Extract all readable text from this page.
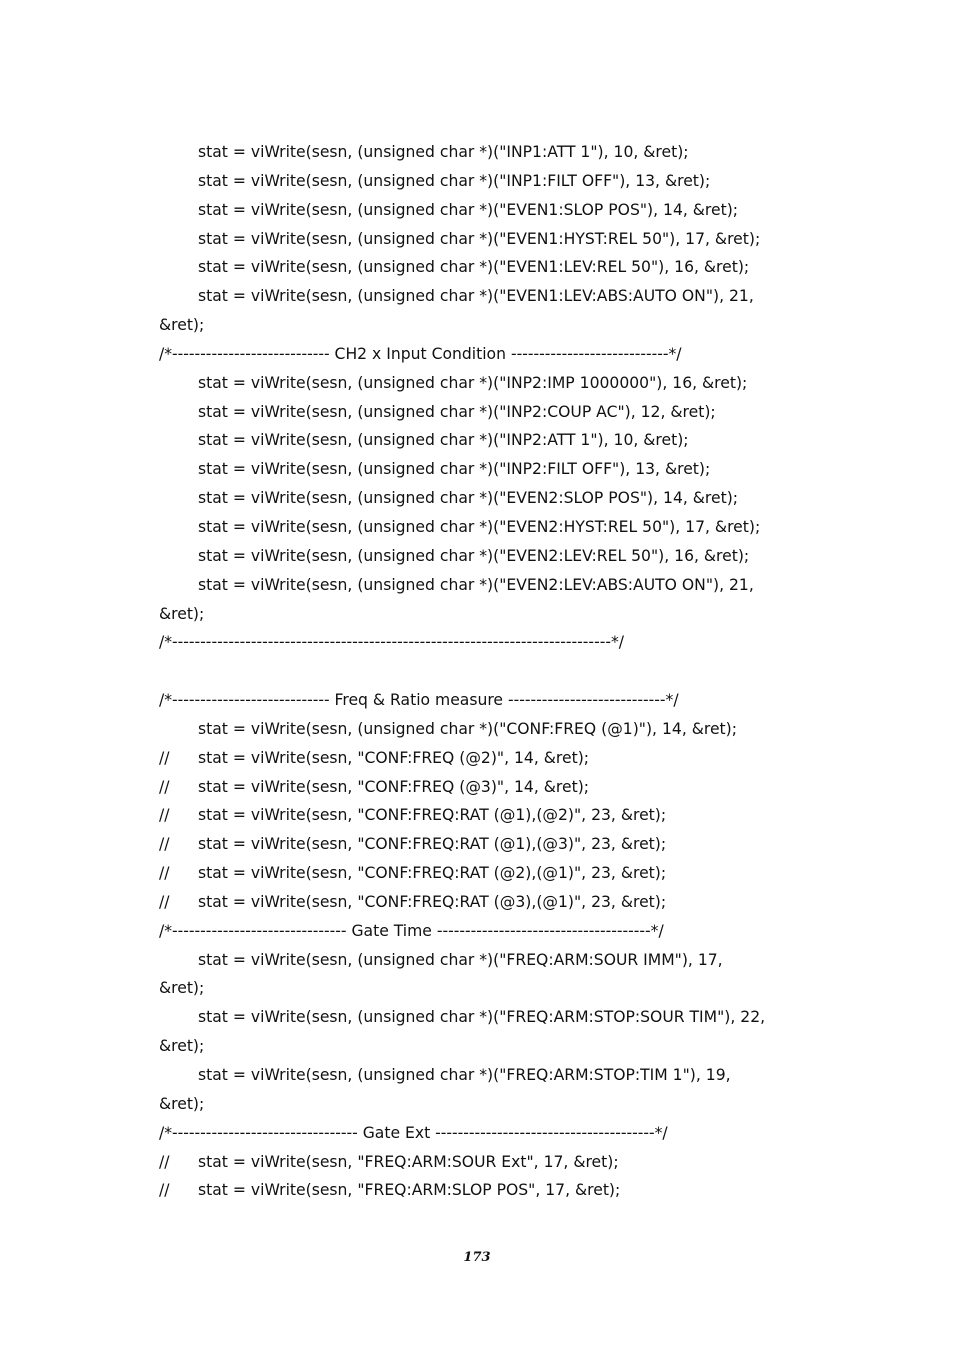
stat = viWrite(sesn, (unsigned char *)("INP1:ATT 1"), 10, &ret);
stat = viWrite(sesn, (unsigned char *)("INP1:FILT OFF"), 13, &ret);
stat = viWrite(sesn, (unsigned char *)("EVEN1:SLOP POS"), 14, &ret);
stat = viWrite(sesn, (unsigned char *)("EVEN1:HYST:REL 50"), 17, &ret);
stat = viWrite(sesn, (unsigned char *)("EVEN1:LEV:REL 50"), 16, &ret);
stat = viWrite(sesn, (unsigned char *)("EVEN1:LEV:ABS:AUTO ON"), 21,
&ret);
/*---------------------------- CH2 x Input Condition ----------------------------*/
stat = viWrite(sesn, (unsigned char *)("INP2:IMP 1000000"), 16, &ret);
stat = viWrite(sesn, (unsigned char *)("INP2:COUP AC"), 12, &ret);
stat = viWrite(sesn, (unsigned char *)("INP2:ATT 1"), 10, &ret);
stat = viWrite(sesn, (unsigned char *)("INP2:FILT OFF"), 13, &ret);
stat = viWrite(sesn, (unsigned char *)("EVEN2:SLOP POS"), 14, &ret);
stat = viWrite(sesn, (unsigned char *)("EVEN2:HYST:REL 50"), 17, &ret);
stat = viWrite(sesn, (unsigned char *)("EVEN2:LEV:REL 50"), 16, &ret);
stat = viWrite(sesn, (unsigned char *)("EVEN2:LEV:ABS:AUTO ON"), 21,
&ret);
/*------------------------------------------------------------------------------*/
/*---------------------------- Freq & Ratio measure ----------------------------*/
stat = viWrite(sesn, (unsigned char *)("CONF:FREQ (@1)"), 14, &ret);
// stat = viWrite(sesn, "CONF:FREQ (@2)", 14, &ret);
// stat = viWrite(sesn, "CONF:FREQ (@3)", 14, &ret);
// stat = viWrite(sesn, "CONF:FREQ:RAT (@1),(@2)", 23, &ret);
// stat = viWrite(sesn, "CONF:FREQ:RAT (@1),(@3)", 23, &ret);
// stat = viWrite(sesn, "CONF:FREQ:RAT (@2),(@1)", 23, &ret);
// stat = viWrite(sesn, "CONF:FREQ:RAT (@3),(@1)", 23, &ret);
/*------------------------------- Gate Time --------------------------------------*/
stat = viWrite(sesn, (unsigned char *)("FREQ:ARM:SOUR IMM"), 17,
&ret);
stat = viWrite(sesn, (unsigned char *)("FREQ:ARM:STOP:SOUR TIM"), 22,
&ret);
stat = viWrite(sesn, (unsigned char *)("FREQ:ARM:STOP:TIM 1"), 19,
&ret);
/*--------------------------------- Gate Ext ---------------------------------------*/
// stat = viWrite(sesn, "FREQ:ARM:SOUR Ext", 17, &ret);
// stat = viWrite(sesn, "FREQ:ARM:SLOP POS", 17, &ret);
173
